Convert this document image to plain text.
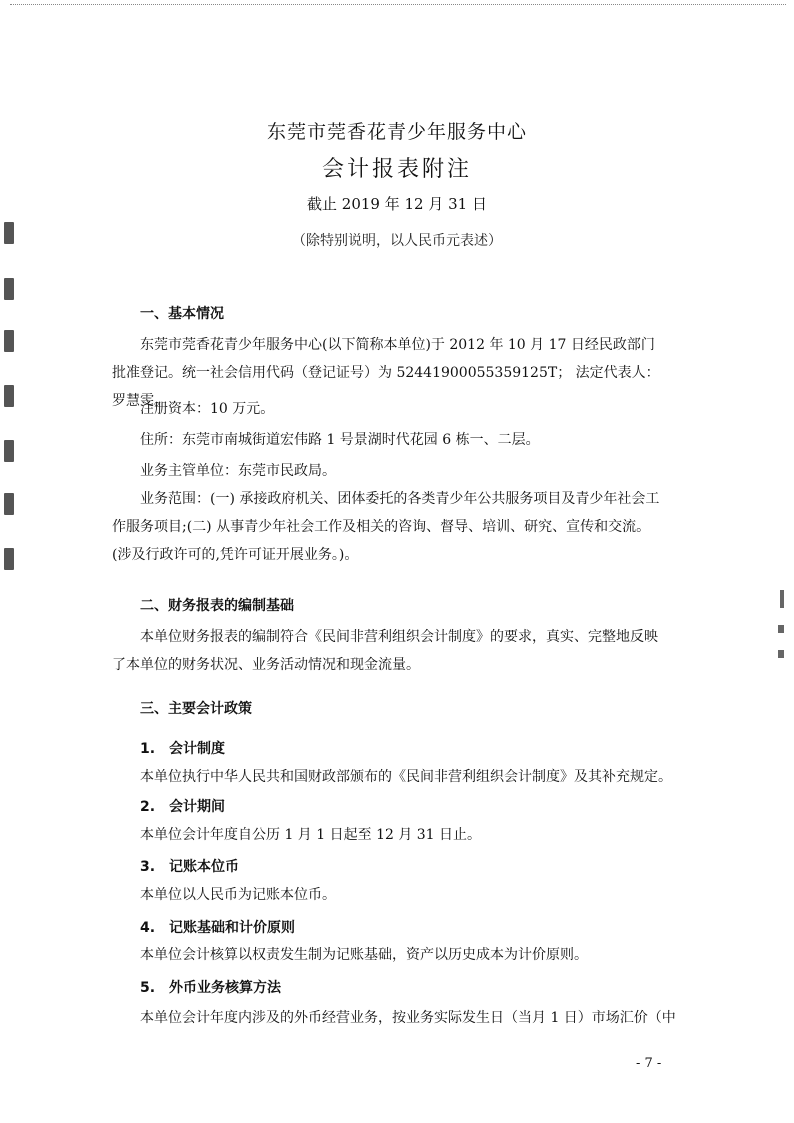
东莞市莞香花青少年服务中心
会计报表附注
截止 2019 年 12 月 31 日
（除特别说明，以人民币元表述）
一、基本情况
东莞市莞香花青少年服务中心(以下简称本单位)于 2012 年 10 月 17 日经民政部门批准登记。统一社会信用代码（登记证号）为 52441900055359125T； 法定代表人：罗慧雯。
注册资本：10 万元。
住所：东莞市南城街道宏伟路 1 号景湖时代花园 6 栋一、二层。
业务主管单位：东莞市民政局。
业务范围：(一) 承接政府机关、团体委托的各类青少年公共服务项目及青少年社会工作服务项目;(二) 从事青少年社会工作及相关的咨询、督导、培训、研究、宣传和交流。(涉及行政许可的,凭许可证开展业务。)。
二、财务报表的编制基础
本单位财务报表的编制符合《民间非营利组织会计制度》的要求，真实、完整地反映了本单位的财务状况、业务活动情况和现金流量。
三、主要会计政策
1.　会计制度
本单位执行中华人民共和国财政部颁布的《民间非营利组织会计制度》及其补充规定。
2.　会计期间
本单位会计年度自公历 1 月 1 日起至 12 月 31 日止。
3.　记账本位币
本单位以人民币为记账本位币。
4.　记账基础和计价原则
本单位会计核算以权责发生制为记账基础，资产以历史成本为计价原则。
5.　外币业务核算方法
本单位会计年度内涉及的外币经营业务，按业务实际发生日（当月 1 日）市场汇价（中
- 7 -
